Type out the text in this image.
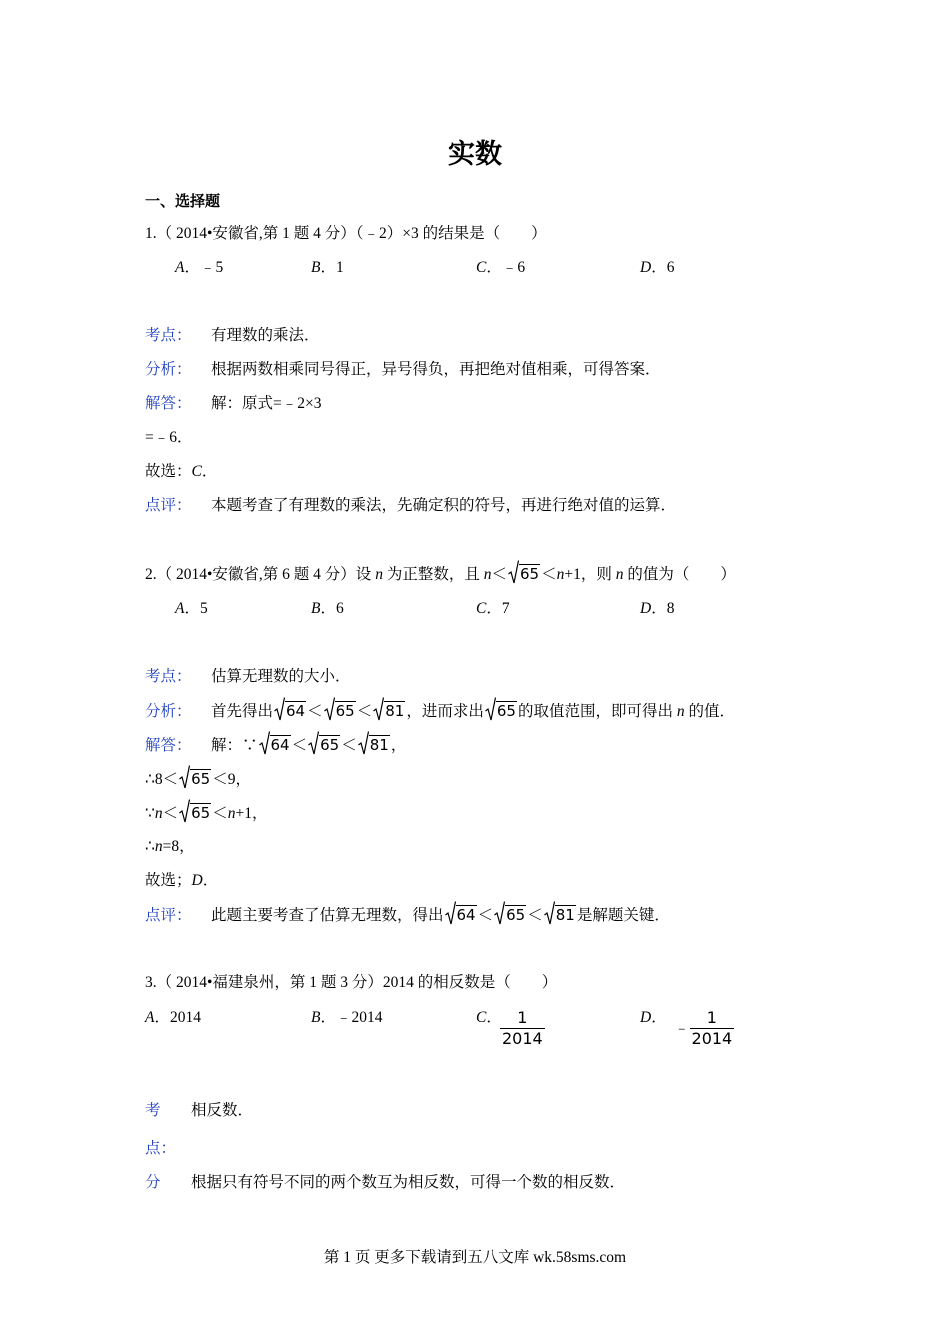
实数
一、选择题
1.（ 2014•安徽省,第 1 题 4 分）（﹣2）×3 的结果是（　　）
A．﹣5	B．1	C．﹣6	D．6
考点： 有理数的乘法．
分析： 根据两数相乘同号得正，异号得负，再把绝对值相乘，可得答案．
解答： 解：原式=﹣2×3
=﹣6．
故选：C．
点评： 本题考查了有理数的乘法，先确定积的符号，再进行绝对值的运算．
2.（ 2014•安徽省,第 6 题 4 分）设 n 为正整数，且 n＜ 65 ＜n+1，则 n 的值为（　　）
A．5	B．6	C．7	D．8
考点： 估算无理数的大小．
分析： 首先得出 64 ＜ 65 ＜ 81 ，进而求出 65 的取值范围，即可得出 n 的值．
解答： 解：∵ 64 ＜ 65 ＜ 81 ，
∴8＜ 65 ＜9，
∵n＜ 65 ＜n+1，
∴n=8，
故选；D．
点评： 此题主要考查了估算无理数，得出 64 ＜ 65 ＜ 81 是解题关键．
3.（ 2014•福建泉州，第 1 题 3 分）2014 的相反数是（　　）
A．2014	B．﹣2014	C．
$\frac{1}{2014}$	D．
﹣ $\frac{1}{2014}$
考 相反数．
点：
分 根据只有符号不同的两个数互为相反数，可得一个数的相反数．
第 1 页 更多下载请到五八文库 wk.58sms.com
